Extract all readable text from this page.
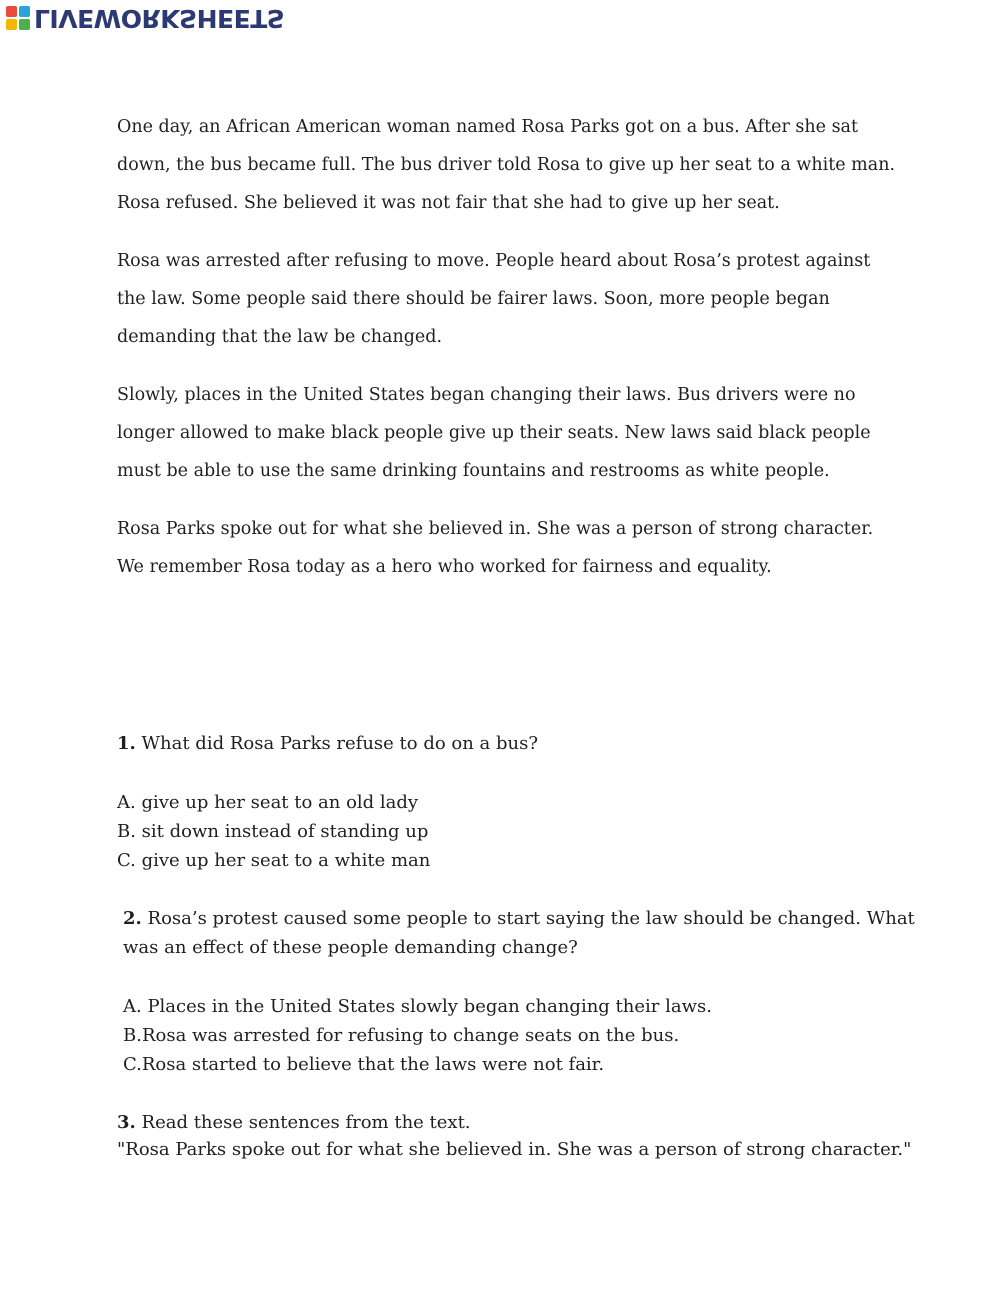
LIVEWORKSHEETS

One day, an African American woman named Rosa Parks got on a bus. After she sat
down, the bus became full. The bus driver told Rosa to give up her seat to a white man.
Rosa refused. She believed it was not fair that she had to give up her seat.

Rosa was arrested after refusing to move. People heard about Rosa’s protest against
the law. Some people said there should be fairer laws. Soon, more people began
demanding that the law be changed.

Slowly, places in the United States began changing their laws. Bus drivers were no
longer allowed to make black people give up their seats. New laws said black people
must be able to use the same drinking fountains and restrooms as white people.

Rosa Parks spoke out for what she believed in. She was a person of strong character.
We remember Rosa today as a hero who worked for fairness and equality.

1. What did Rosa Parks refuse to do on a bus?

A. give up her seat to an old lady
B. sit down instead of standing up
C. give up her seat to a white man

2. Rosa’s protest caused some people to start saying the law should be changed. What
was an effect of these people demanding change?

A. Places in the United States slowly began changing their laws.
B.Rosa was arrested for refusing to change seats on the bus.
C.Rosa started to believe that the laws were not fair.

3. Read these sentences from the text.

"Rosa Parks spoke out for what she believed in. She was a person of strong character."
